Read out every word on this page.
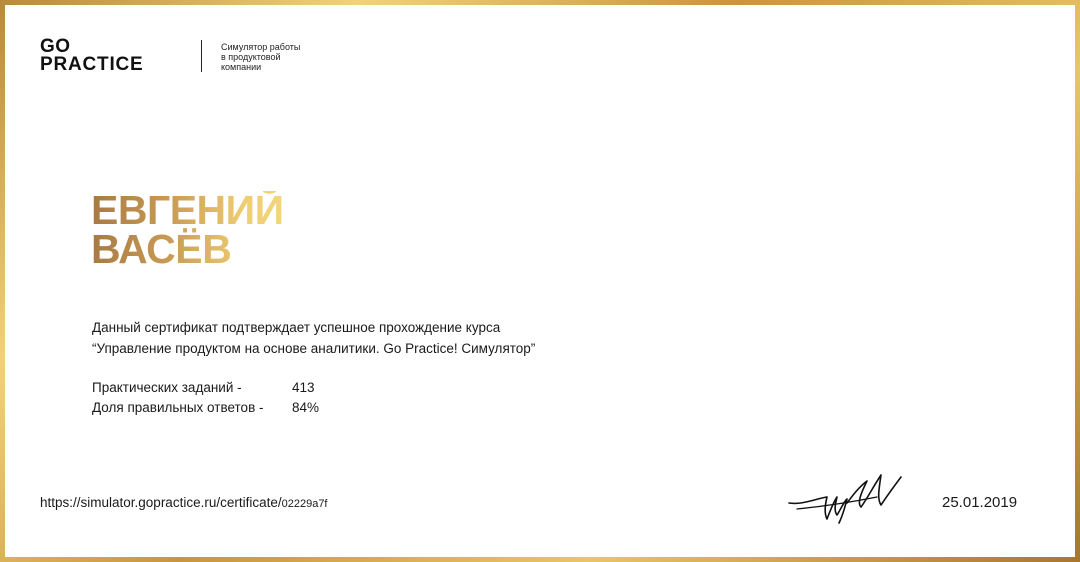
GO
PRACTICE
Симулятор работы
в продуктовой
компании
ЕВГЕНИЙ
ВАСЁВ
Данный сертификат подтверждает успешное прохождение курса
“Управление продуктом на основе аналитики. Go Practice! Симулятор”
Практических заданий -	413
Доля правильных ответов -	84%
https://simulator.gopractice.ru/certificate/02229a7f	25.01.2019
